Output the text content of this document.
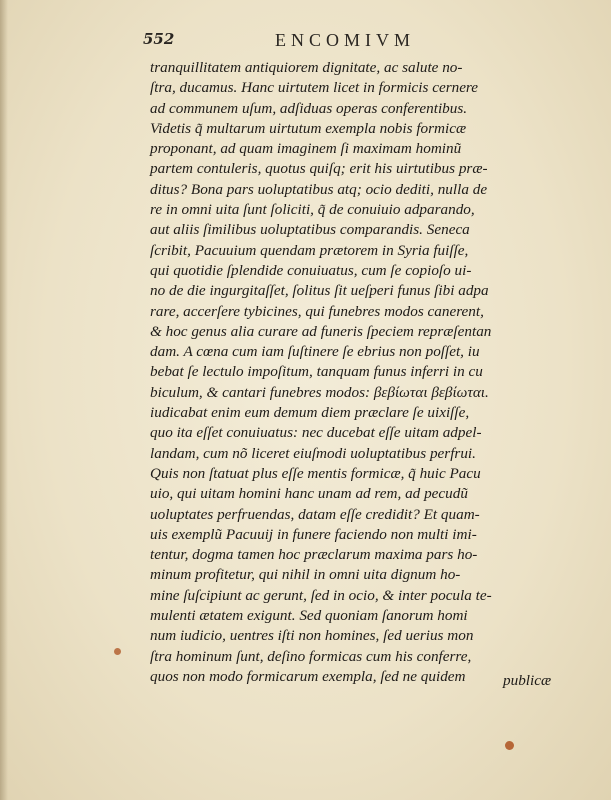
552	ENCOMIVM
tranquillitatem antiquiorem dignitate, ac salute no-
ſtra, ducamus. Hanc uirtutem licet in formicis cernere
ad communem uſum, adſiduas operas conferentibus.
Videtis q̃ multarum uirtutum exempla nobis formicæ
proponant, ad quam imaginem ſi maximam hominũ
partem contuleris, quotus quiſq; erit his uirtutibus præ-
ditus? Bona pars uoluptatibus atq; ocio dediti, nulla de
re in omni uita ſunt ſoliciti, q̃ de conuiuio adparando,
aut aliis ſimilibus uoluptatibus comparandis. Seneca
ſcribit, Pacuuium quendam prætorem in Syria fuiſſe,
qui quotidie ſplendide conuiuatus, cum ſe copioſo ui-
no de die ingurgitaſſet, ſolitus ſit ueſperi funus ſibi adpa
rare, accerſere tybicines, qui funebres modos canerent,
& hoc genus alia curare ad funeris ſpeciem repræſentan
dam. A cœna cum iam ſuſtinere ſe ebrius non poſſet, iu
bebat ſe lectulo impoſitum, tanquam funus inferri in cu
biculum, & cantari funebres modos: βεβίωται βεβίωται.
iudicabat enim eum demum diem præclare ſe uixiſſe,
quo ita eſſet conuiuatus: nec ducebat eſſe uitam adpel-
landam, cum nõ liceret eiuſmodi uoluptatibus perfrui.
Quis non ſtatuat plus eſſe mentis formicæ, q̃ huic Pacu
uio, qui uitam homini hanc unam ad rem, ad pecudũ
uoluptates perfruendas, datam eſſe credidit? Et quam-
uis exemplũ Pacuuij in funere faciendo non multi imi-
tentur, dogma tamen hoc præclarum maxima pars ho-
minum profitetur, qui nihil in omni uita dignum ho-
mine ſuſcipiunt ac gerunt, ſed in ocio, & inter pocula te-
mulenti ætatem exigunt. Sed quoniam ſanorum homi
num iudicio, uentres iſti non homines, ſed uerius mon
ſtra hominum ſunt, deſino formicas cum his conferre,
quos non modo formicarum exempla, ſed ne quidem	publicæ
